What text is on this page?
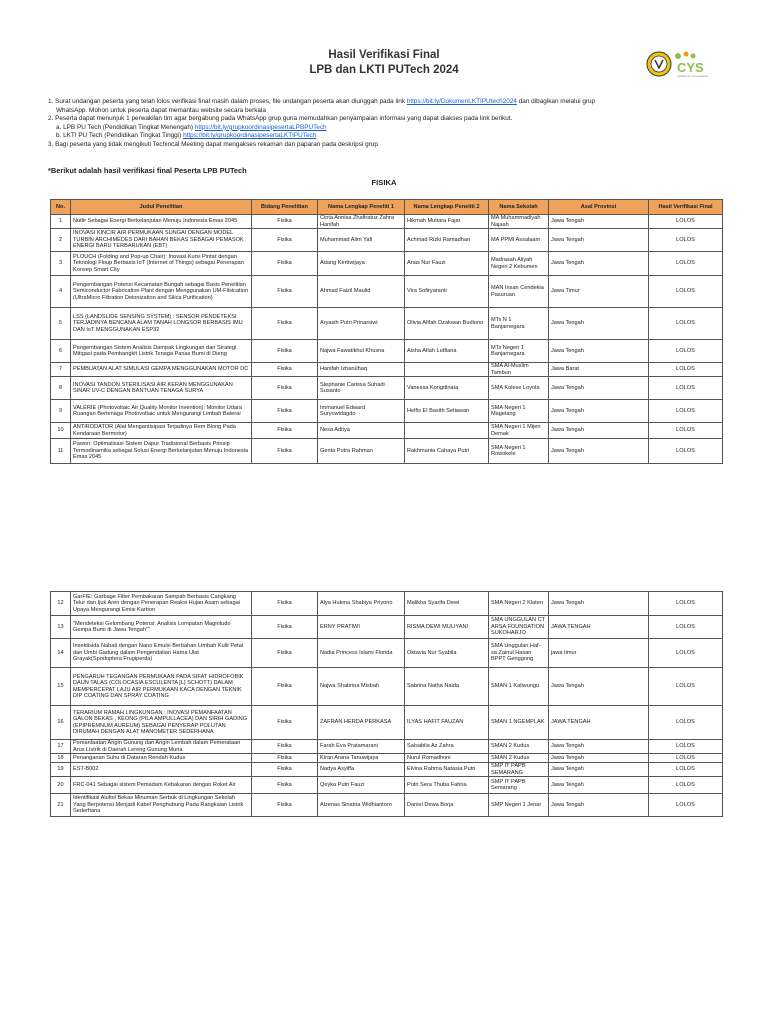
Hasil Verifikasi Final
LPB dan LKTI PUTech 2024	CYS
CENTER OF YOUTH SCIENCE
1. Surat undangan peserta yang telah lolos verifikasi final masih dalam proses, file undangan peserta akan diunggah pada link https://bit.ly/DokumenLKTIPUtech2024 dan dibagikan melalui grup
WhatsApp. Mohon untuk peserta dapat memantau website secara berkala
2. Peserta dapat menunjuk 1 perwakilan tim agar bergabung pada WhatsApp grup guna memudahkan penyampaian informasi yang dapat diakses pada link berikut.
a. LPB PU Tech (Pendidikan Tingkat Menengah) https://bit.ly/grupkoordinasipesertaLPBPUTech
b. LKTI PU Tech (Pendidikan Tingkat Tinggi) https://bit.ly/grupkoordinasipesertaLKTIPUTech
3. Bagi peserta yang tidak mengikuti Techincal Meeting dapat mengakses rekaman dan paparan pada deskripsi grup
*Berikut adalah hasil verifikasi final Peserta LPB PUTech
FISIKA
No.	Judul Penelitian	Bidang Penelitian	Nama Lengkap Peneliti 1	Nama Lengkap Peneliti 2	Nama Sekolah	Asal Provinsi	Hasil Verifikasi Final
1	Nutlir Sebagai Energi Berkelanjutan Menuju Indonesia Emas 2045	Fisika	Cinta Annisa Zhafiratuz Zahra Hanifah	Hikmah Mutiara Fajar	MA Muhammadiyah Najaah	Jawa Tengah	LOLOS
2	INOVASI KINCIR AIR PERMUKAAN SUNGAI DENGAN MODEL TURBIN ARCHIMEDES DARI BAHAN BEKAS SEBAGAI PEMASOK ENERGI BARU TERBARUKAN (EBT)	Fisika	Muhammad Alim Yafi	Achmad Rizki Ramadhan	MA PPMI Assalaam	Jawa Tengah	LOLOS
3	PLOUCH (Folding and Pop-up Chair): Inovasi Kursi Pintar dengan Teknologi Floup Berbasis IoT (Internet of Things) sebagai Penerapan Konsep Smart City	Fisika	Adang Kertiwijaya	Anas Nur Fauzi	Madrasah Aliyah Negeri 2 Kebumen	Jawa Tengah	LOLOS
4	Pengembangan Potensi Kecamatan Bungah sebagai Basis Penelitian Semiconductor Fabrication Plant dengan Menggunakan UM-Filsication (UltraMicro Filtration Deionization and Silica Purification)	Fisika	Ahmad Faizil Maulid	Vira Sofiryaranti	MAN Insan Cendekia Pasuruan	Jawa Timur	LOLOS
5	LSS (LANDSLIDE SENSING SYSTEM) : SENSOR PENDETEKSI TERJADINYA BENCANA ALAM TANAH LONGSOR BERBASIS IMU DAN IoT MENGGUNAKAN ESP32	Fisika	Aryasih Putri Prinarsiwi	Olivia Afifah Dzakwan Budiono	MTs N 1 Banjarnegara	Jawa Tengah	LOLOS
6	Pengembangan Sistem Analisis Dampak Lingkungan dan Strategi Mitigasi pada Pembangkit Listrik Tenaga Panas Bumi di Dieng	Fisika	Najwa Fawatikhul Khusna	Aisha Afiah Lutfiana	MTs Negeri 1 Banjarnegara	Jawa Tengah	LOLOS
7	PEMBUATAN ALAT SIMULASI GEMPA MENGGUNAKAN MOTOR DC	Fisika	Hanifah Izharulhaq		SMA Al-Muslim Tambun	Jawa Barat	LOLOS
8	INOVASI TANDON STERILISASI AIR KERAN MENGGUNAKAN SINAR UV-C DENGAN BANTUAN TENAGA SURYA	Fisika	Stephanie Carissa Suhadi Susanto	Vanessa Kongdinata	SMA Kolese Loyola	Jawa Tengah	LOLOS
9	VALERIE (Photovoltaic Air Quality Monitor Invention): Monitor Udara Ruangan Bertenaga Photovoltaic untuk Mengurangi Limbah Baterai	Fisika	Immanuel Edward Suryowidagdo	Helfis El Basith Setiawan	SMA Negeri 1 Magelang	Jawa Tengah	LOLOS
10	ANTIRODATOR (Alat Mengantisipasi Terjadinya Rem Blong Pada Kendaraan Bermotor)	Fisika	Nesa Aditya		SMA Negeri 1 Mijen Demak	Jawa Tengah	LOLOS
11	Pawon: Optimalisasi Sistem Dapur Tradisional Berbasis Prinsip Termodinamika sebagai Solusi Energi Berkelanjutan Menuju Indonesia Emas 2045	Fisika	Genta Putra Rahman	Rakhmania Cahaya Putri	SMA Negeri 1 Rowokele	Jawa Tengah	LOLOS
12	GarFIE: Garbage Filter Pembakaran Sampah Berbasis Cangkang Telur dan Ijuk Aren dengan Penerapan Reaksi Hujan Asam sebagai Upaya Mengurangi Emisi Karbon	Fisika	Alya Hukma Shabiya Priyono	Malikha Syarifa Dewi	SMA Negeri 2 Klaten	Jawa Tengah	LOLOS
13	"Mendeteksi Gelombang Potensi: Analisis Lompatan Magnitudo Gempa Bumi di Jawa Tengah""	Fisika	ERNY PRATIWI	RISMA DEWI MULIYANI	SMA UNGGULAN CT ARSA FOUNDATION SUKOHARJO	JAWA TENGAH	LOLOS
14	Insektisida Nabati dengan Nano Emulsi Berbahan Limbah Kulit Petai dan Umbi Gadung dalam Pengendalian Hama Ulat Grayak(Spodoptera Frugiperda)	Fisika	Nadia Princess Islami Florida	Oktavia Nur Syabila	SMA Unggulan Haf-sa Zainul Hasan BPPT Genggong	jawa timur	LOLOS
15	PENGARUH TEGANGAN PERMUKAAN PADA SIFAT HIDROFOBIK DAUN TALAS (COLOCASIA ESCULENTA [L] SCHOTT) DALAM MEMPERCEPAT LAJU AIR PERMUKAAN KACA DENGAN TEKNIK DIP COATING DAN SPRAY COATING	Fisika	Najwa Shabrina Misbah	Sabrina Natha Naida	SMAN 1 Kaliwungu	Jawa Tengah	LOLOS
16	TERARIUM RAMAH LINGKUNGAN : INOVASI PEMANFAATAN GALON BEKAS , KEONG (PILA AMPULLACEA) DAN SIRIH GADING (EPIPREMNUM AUREUM) SEBAGAI PENYERAP POLUTAN DIRUMAH DENGAN ALAT MANOMETER SEDERHANA	Fisika	ZAFRAN HERDA PERKASA	ILYAS HAFIT FAUZAN	SMAN 1 NGEMPLAK	JAWA TENGAH	LOLOS
17	Pemanfaatan Angin Gunung dan Angin Lembah dalam Pemerataan Arus Listrik di Daerah Lereng Gunung Muria	Fisika	Farah Eva Pratamarani	Salsabila Az Zahra	SMAN 2 Kudus	Jawa Tengah	LOLOS
18	Penanganan Suhu di Dataran Rendah Kudus	Fisika	Kiran Arana Tanuwijaya	Nurul Romadhoni	SMAN 2 Kudus	Jawa Tengah	LOLOS
19	EST-B002	Fisika	Nadya Asyiffa	Elvina Rahma Natasia Putri	SMP IT PAPB SEMARANG	Jawa Tengah	LOLOS
20	FRC-041 Sebagai sistem Pemadam Kebakaran dengan Roket Air	Fisika	Qeyka Putri Fauzi	Putri Sera Thuba Fahria	SMP IT PAPB Semarang	Jawa Tengah	LOLOS
21	Identifikasi Alufoil Bekas Minuman Serbuk di Lingkungan Sekolah Yang Berpotensi Menjadi Kabel Penghubung Pada Rangkaian Listrik Sederhana	Fisika	Alzenas Sinatria Widhiantoro	Daniel Dewa Borja	SMP Negeri 1 Jenar	Jawa Tengah	LOLOS
